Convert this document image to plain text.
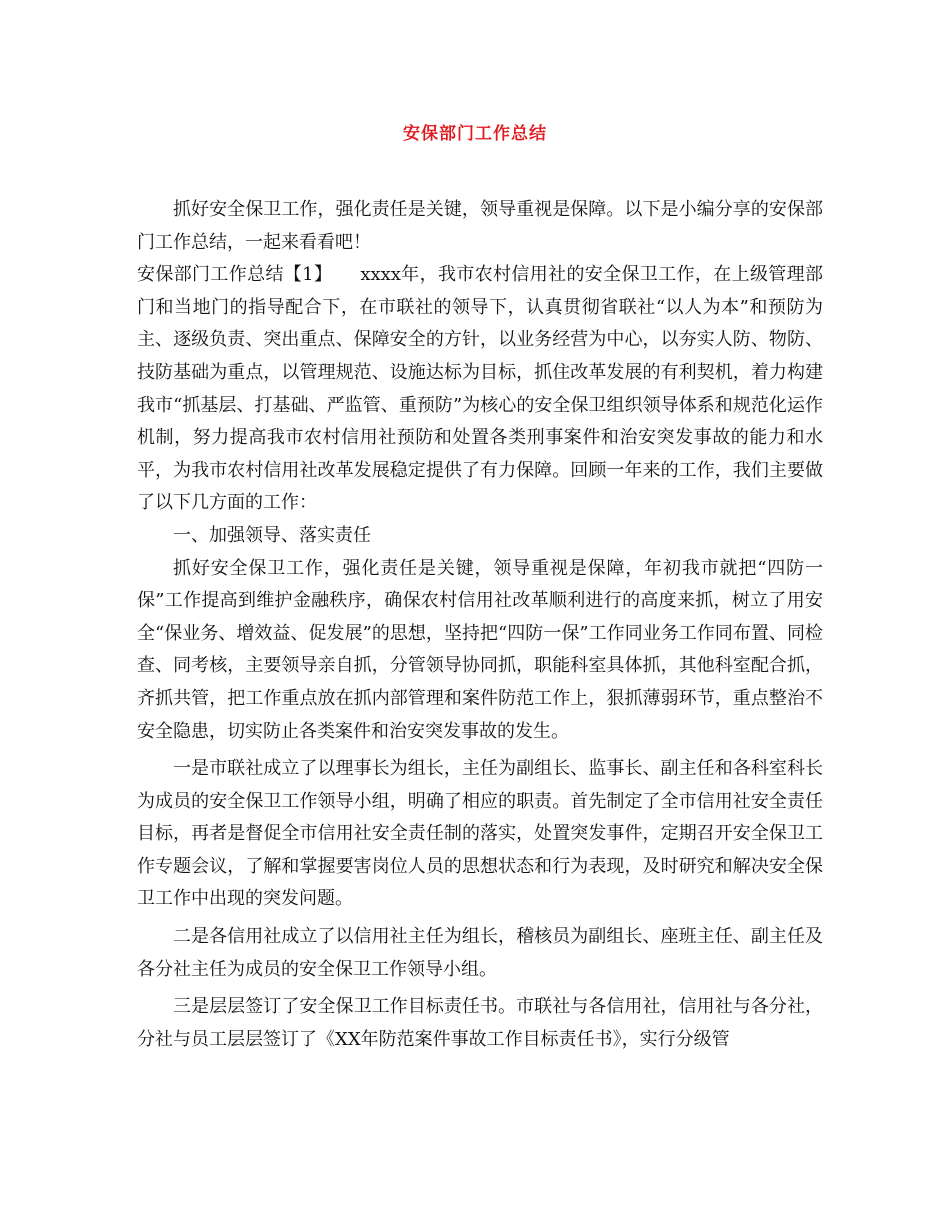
安保部门工作总结

抓好安全保卫工作，强化责任是关键，领导重视是保障。以下是小编分享的安保部门工作总结，一起来看看吧！

安保部门工作总结【1】 xxxx年，我市农村信用社的安全保卫工作，在上级管理部门和当地门的指导配合下，在市联社的领导下，认真贯彻省联社“以人为本”和预防为主、逐级负责、突出重点、保障安全的方针，以业务经营为中心，以夯实人防、物防、技防基础为重点，以管理规范、设施达标为目标，抓住改革发展的有利契机，着力构建我市“抓基层、打基础、严监管、重预防”为核心的安全保卫组织领导体系和规范化运作机制，努力提高我市农村信用社预防和处置各类刑事案件和治安突发事故的能力和水平，为我市农村信用社改革发展稳定提供了有力保障。回顾一年来的工作，我们主要做了以下几方面的工作：

一、加强领导、落实责任

抓好安全保卫工作，强化责任是关键，领导重视是保障，年初我市就把“四防一保”工作提高到维护金融秩序，确保农村信用社改革顺利进行的高度来抓，树立了用安全“保业务、增效益、促发展”的思想，坚持把“四防一保”工作同业务工作同布置、同检查、同考核，主要领导亲自抓，分管领导协同抓，职能科室具体抓，其他科室配合抓，齐抓共管，把工作重点放在抓内部管理和案件防范工作上，狠抓薄弱环节，重点整治不安全隐患，切实防止各类案件和治安突发事故的发生。

一是市联社成立了以理事长为组长，主任为副组长、监事长、副主任和各科室科长为成员的安全保卫工作领导小组，明确了相应的职责。首先制定了全市信用社安全责任目标，再者是督促全市信用社安全责任制的落实，处置突发事件，定期召开安全保卫工作专题会议，了解和掌握要害岗位人员的思想状态和行为表现，及时研究和解决安全保卫工作中出现的突发问题。

二是各信用社成立了以信用社主任为组长，稽核员为副组长、座班主任、副主任及各分社主任为成员的安全保卫工作领导小组。

三是层层签订了安全保卫工作目标责任书。市联社与各信用社，信用社与各分社，分社与员工层层签订了《XX年防范案件事故工作目标责任书》，实行分级管
